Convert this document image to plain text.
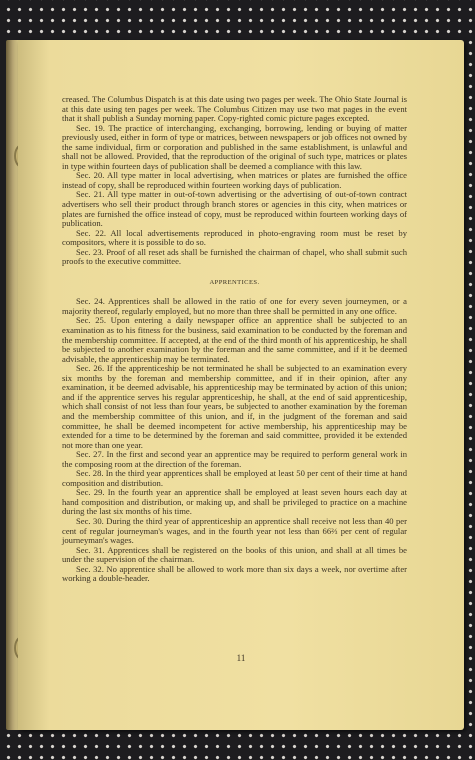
11

creased. The Columbus Dispatch is at this date using two pages per week. The Ohio State Journal is at this date using ten pages per week. The Columbus Citizen may use two mat pages in the event that it shall publish a Sunday morning paper. Copy-righted comic picture pages excepted.

Sec. 19. The practice of interchanging, exchanging, borrowing, lending or buying of matter previously used, either in form of type or matrices, between newspapers or job offices not owned by the same individual, firm or corporation and published in the same establishment, is unlawful and shall not be allowed. Provided, that the reproduction of the original of such type, matrices or plates in type within fourteen days of publication shall be deemed a compliance with this law.

Sec. 20. All type matter in local advertising, when matrices or plates are furnished the office instead of copy, shall be reproduced within fourteen working days of publication.

Sec. 21. All type matter in out-of-town advertising or the advertising of out-of-town contract advertisers who sell their product through branch stores or agencies in this city, when matrices or plates are furnished the office instead of copy, must be reproduced within fourteen working days of publication.

Sec. 22. All local advertisements reproduced in photo-engraving room must be reset by compositors, where it is possible to do so.

Sec. 23. Proof of all reset ads shall be furnished the chairman of chapel, who shall submit such proofs to the executive committee.

APPRENTICES.

Sec. 24. Apprentices shall be allowed in the ratio of one for every seven journeymen, or a majority thereof, regularly employed, but no more than three shall be permitted in any one office.

Sec. 25. Upon entering a daily newspaper office an apprentice shall be subjected to an examination as to his fitness for the business, said examination to be conducted by the foreman and the membership committee. If accepted, at the end of the third month of his apprenticeship, he shall be subjected to another examination by the foreman and the same committee, and if it be deemed advisable, the apprenticeship may be terminated.

Sec. 26. If the apprenticeship be not terminated he shall be subjected to an examination every six months by the foreman and membership committee, and if in their opinion, after any examination, it be deemed advisable, his apprenticeship may be terminated by action of this union; and if the apprentice serves his regular apprenticeship, he shall, at the end of said apprenticeship, which shall consist of not less than four years, be subjected to another examination by the foreman and the membership committee of this union, and if, in the judgment of the foreman and said committee, he shall be deemed incompetent for active membership, his apprenticeship may be extended for a time to be determined by the foreman and said committee, provided it be extended not more than one year.

Sec. 27. In the first and second year an apprentice may be required to perform general work in the composing room at the direction of the foreman.

Sec. 28. In the third year apprentices shall be employed at least 50 per cent of their time at hand composition and distribution.

Sec. 29. In the fourth year an apprentice shall be employed at least seven hours each day at hand composition and distribution, or making up, and shall be privileged to practice on a machine during the last six months of his time.

Sec. 30. During the third year of apprenticeship an apprentice shall receive not less than 40 per cent of regular journeyman's wages, and in the fourth year not less than 66⅔ per cent of regular journeyman's wages.

Sec. 31. Apprentices shall be registered on the books of this union, and shall at all times be under the supervision of the chairman.

Sec. 32. No apprentice shall be allowed to work more than six days a week, nor overtime after working a double-header.
